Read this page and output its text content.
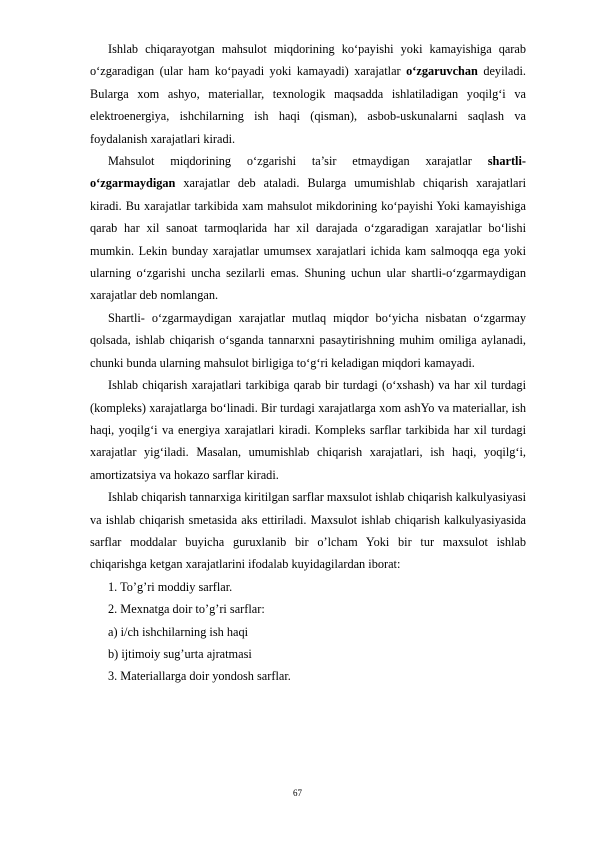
Ishlab chiqarayotgan mahsulot miqdorining ko‘payishi yoki kamayishiga qarab o‘zgaradigan (ular ham ko‘payadi yoki kamayadi) xarajatlar o‘zgaruvchan deyiladi. Bularga xom ashyo, materiallar, texnologik maqsadda ishlatiladigan yoqilg‘i va elektroenergiya, ishchilarning ish haqi (qisman), asbob-uskunalarni saqlash va foydalanish xarajatlari kiradi.

Mahsulot miqdorining o‘zgarishi ta’sir etmaydigan xarajatlar shartli-o‘zgarmaydigan xarajatlar deb ataladi. Bularga umumishlab chiqarish xarajatlari kiradi. Bu xarajatlar tarkibida xam mahsulot mikdorining ko‘payishi Yoki kamayishiga qarab har xil sanoat tarmoqlarida har xil darajada o‘zgaradigan xarajatlar bo‘lishi mumkin. Lekin bunday xarajatlar umumsex xarajatlari ichida kam salmoqqa ega yoki ularning o‘zgarishi uncha sezilarli emas. Shuning uchun ular shartli-o‘zgarmaydigan xarajatlar deb nomlangan.

Shartli- o‘zgarmaydigan xarajatlar mutlaq miqdor bo‘yicha nisbatan o‘zgarmay qolsada, ishlab chiqarish o‘sganda tannarxni pasaytirishning muhim omiliga aylanadi, chunki bunda ularning mahsulot birligiga to‘g‘ri keladigan miqdori kamayadi.

Ishlab chiqarish xarajatlari tarkibiga qarab bir turdagi (o‘xshash) va har xil turdagi (kompleks) xarajatlarga bo‘linadi. Bir turdagi xarajatlarga xom ashYo va materiallar, ish haqi, yoqilg‘i va energiya xarajatlari kiradi. Kompleks sarflar tarkibida har xil turdagi xarajatlar yig‘iladi. Masalan, umumishlab chiqarish xarajatlari, ish haqi, yoqilg‘i, amortizatsiya va hokazo sarflar kiradi.

Ishlab chiqarish tannarxiga kiritilgan sarflar maxsulot ishlab chiqarish kalkulyasiyasi va ishlab chiqarish smetasida aks ettiriladi. Maxsulot ishlab chiqarish kalkulyasiyasida sarflar moddalar buyicha guruxlanib bir o’lcham Yoki bir tur maxsulot ishlab chiqarishga ketgan xarajatlarini ifodalab kuyidagilardan iborat:

1. To’g’ri moddiy sarflar.

2. Mexnatga doir to’g’ri sarflar:

a) i/ch ishchilarning ish haqi

b) ijtimoiy sug’urta ajratmasi

3. Materiallarga doir yondosh sarflar.

67
